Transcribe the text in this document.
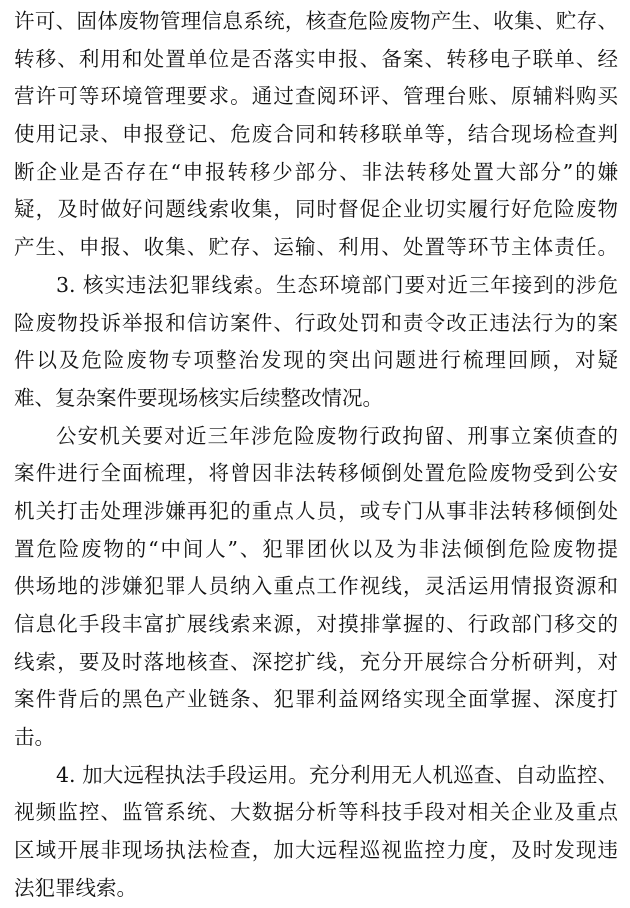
许可、固体废物管理信息系统，核查危险废物产生、收集、贮存、
转移、利用和处置单位是否落实申报、备案、转移电子联单、经
营许可等环境管理要求。通过查阅环评、管理台账、原辅料购买
使用记录、申报登记、危废合同和转移联单等，结合现场检查判
断企业是否存在“申报转移少部分、非法转移处置大部分”的嫌
疑，及时做好问题线索收集，同时督促企业切实履行好危险废物
产生、申报、收集、贮存、运输、利用、处置等环节主体责任。
3. 核实违法犯罪线索。生态环境部门要对近三年接到的涉危
险废物投诉举报和信访案件、行政处罚和责令改正违法行为的案
件以及危险废物专项整治发现的突出问题进行梳理回顾，对疑
难、复杂案件要现场核实后续整改情况。
公安机关要对近三年涉危险废物行政拘留、刑事立案侦查的
案件进行全面梳理，将曾因非法转移倾倒处置危险废物受到公安
机关打击处理涉嫌再犯的重点人员，或专门从事非法转移倾倒处
置危险废物的“中间人”、犯罪团伙以及为非法倾倒危险废物提
供场地的涉嫌犯罪人员纳入重点工作视线，灵活运用情报资源和
信息化手段丰富扩展线索来源，对摸排掌握的、行政部门移交的
线索，要及时落地核查、深挖扩线，充分开展综合分析研判，对
案件背后的黑色产业链条、犯罪利益网络实现全面掌握、深度打
击。
4. 加大远程执法手段运用。充分利用无人机巡查、自动监控、
视频监控、监管系统、大数据分析等科技手段对相关企业及重点
区域开展非现场执法检查，加大远程巡视监控力度，及时发现违
法犯罪线索。
